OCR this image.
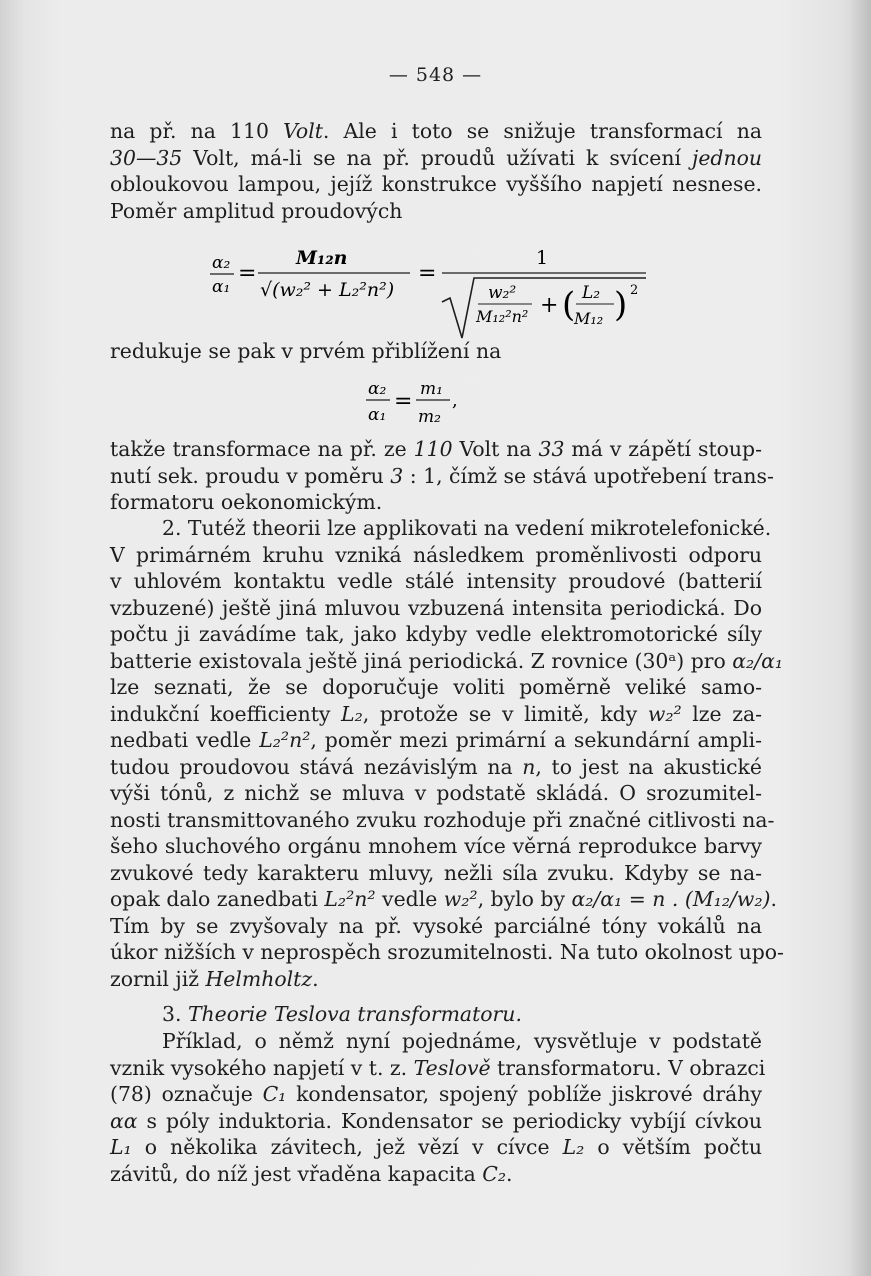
— 548 —
na př. na 110 Volt. Ale i toto se snižuje transformací na
30—35 Volt, má-li se na př. proudů užívati k svícení jednou
obloukovou lampou, jejíž konstrukce vyššího napjetí nesnese.
Poměr amplitud proudových
α₂
α₁
=
M₁₂n
√(w₂² + L₂²n²)
=
1
w₂²
M₁₂²n² + ( L₂
M₁₂ ) 2
redukuje se pak v prvém přiblížení na
α₂
α₁
= m₁
m₂
,
takže transformace na př. ze 110 Volt na 33 má v zápětí stoup-
nutí sek. proudu v poměru 3 : 1, čímž se stává upotřebení trans-
formatoru oekonomickým.
2. Tutéž theorii lze applikovati na vedení mikrotelefonické.
V primárném kruhu vzniká následkem proměnlivosti odporu
v uhlovém kontaktu vedle stálé intensity proudové (batterií
vzbuzené) ještě jiná mluvou vzbuzená intensita periodická. Do
počtu ji zavádíme tak, jako kdyby vedle elektromotorické síly
batterie existovala ještě jiná periodická. Z rovnice (30ᵃ) pro α₂/α₁
lze seznati, že se doporučuje voliti poměrně veliké samo-
indukční koefficienty L₂, protože se v limitě, kdy w₂² lze za-
nedbati vedle L₂²n², poměr mezi primární a sekundární ampli-
tudou proudovou stává nezávislým na n, to jest na akustické
výši tónů, z nichž se mluva v podstatě skládá. O srozumitel-
nosti transmittovaného zvuku rozhoduje při značné citlivosti na-
šeho sluchového orgánu mnohem více věrná reprodukce barvy
zvukové tedy karakteru mluvy, nežli síla zvuku. Kdyby se na-
opak dalo zanedbati L₂²n² vedle w₂², bylo by α₂/α₁ = n . (M₁₂/w₂).
Tím by se zvyšovaly na př. vysoké parciálné tóny vokálů na
úkor nižších v neprospěch srozumitelnosti. Na tuto okolnost upo-
zornil již Helmholtz.
3. Theorie Teslova transformatoru.
Příklad, o němž nyní pojednáme, vysvětluje v podstatě
vznik vysokého napjetí v t. z. Teslově transformatoru. V obrazci
(78) označuje C₁ kondensator, spojený poblíže jiskrové dráhy
αα s póly induktoria. Kondensator se periodicky vybíjí cívkou
L₁ o několika závitech, jež vězí v cívce L₂ o větším počtu
závitů, do níž jest vřaděna kapacita C₂.
